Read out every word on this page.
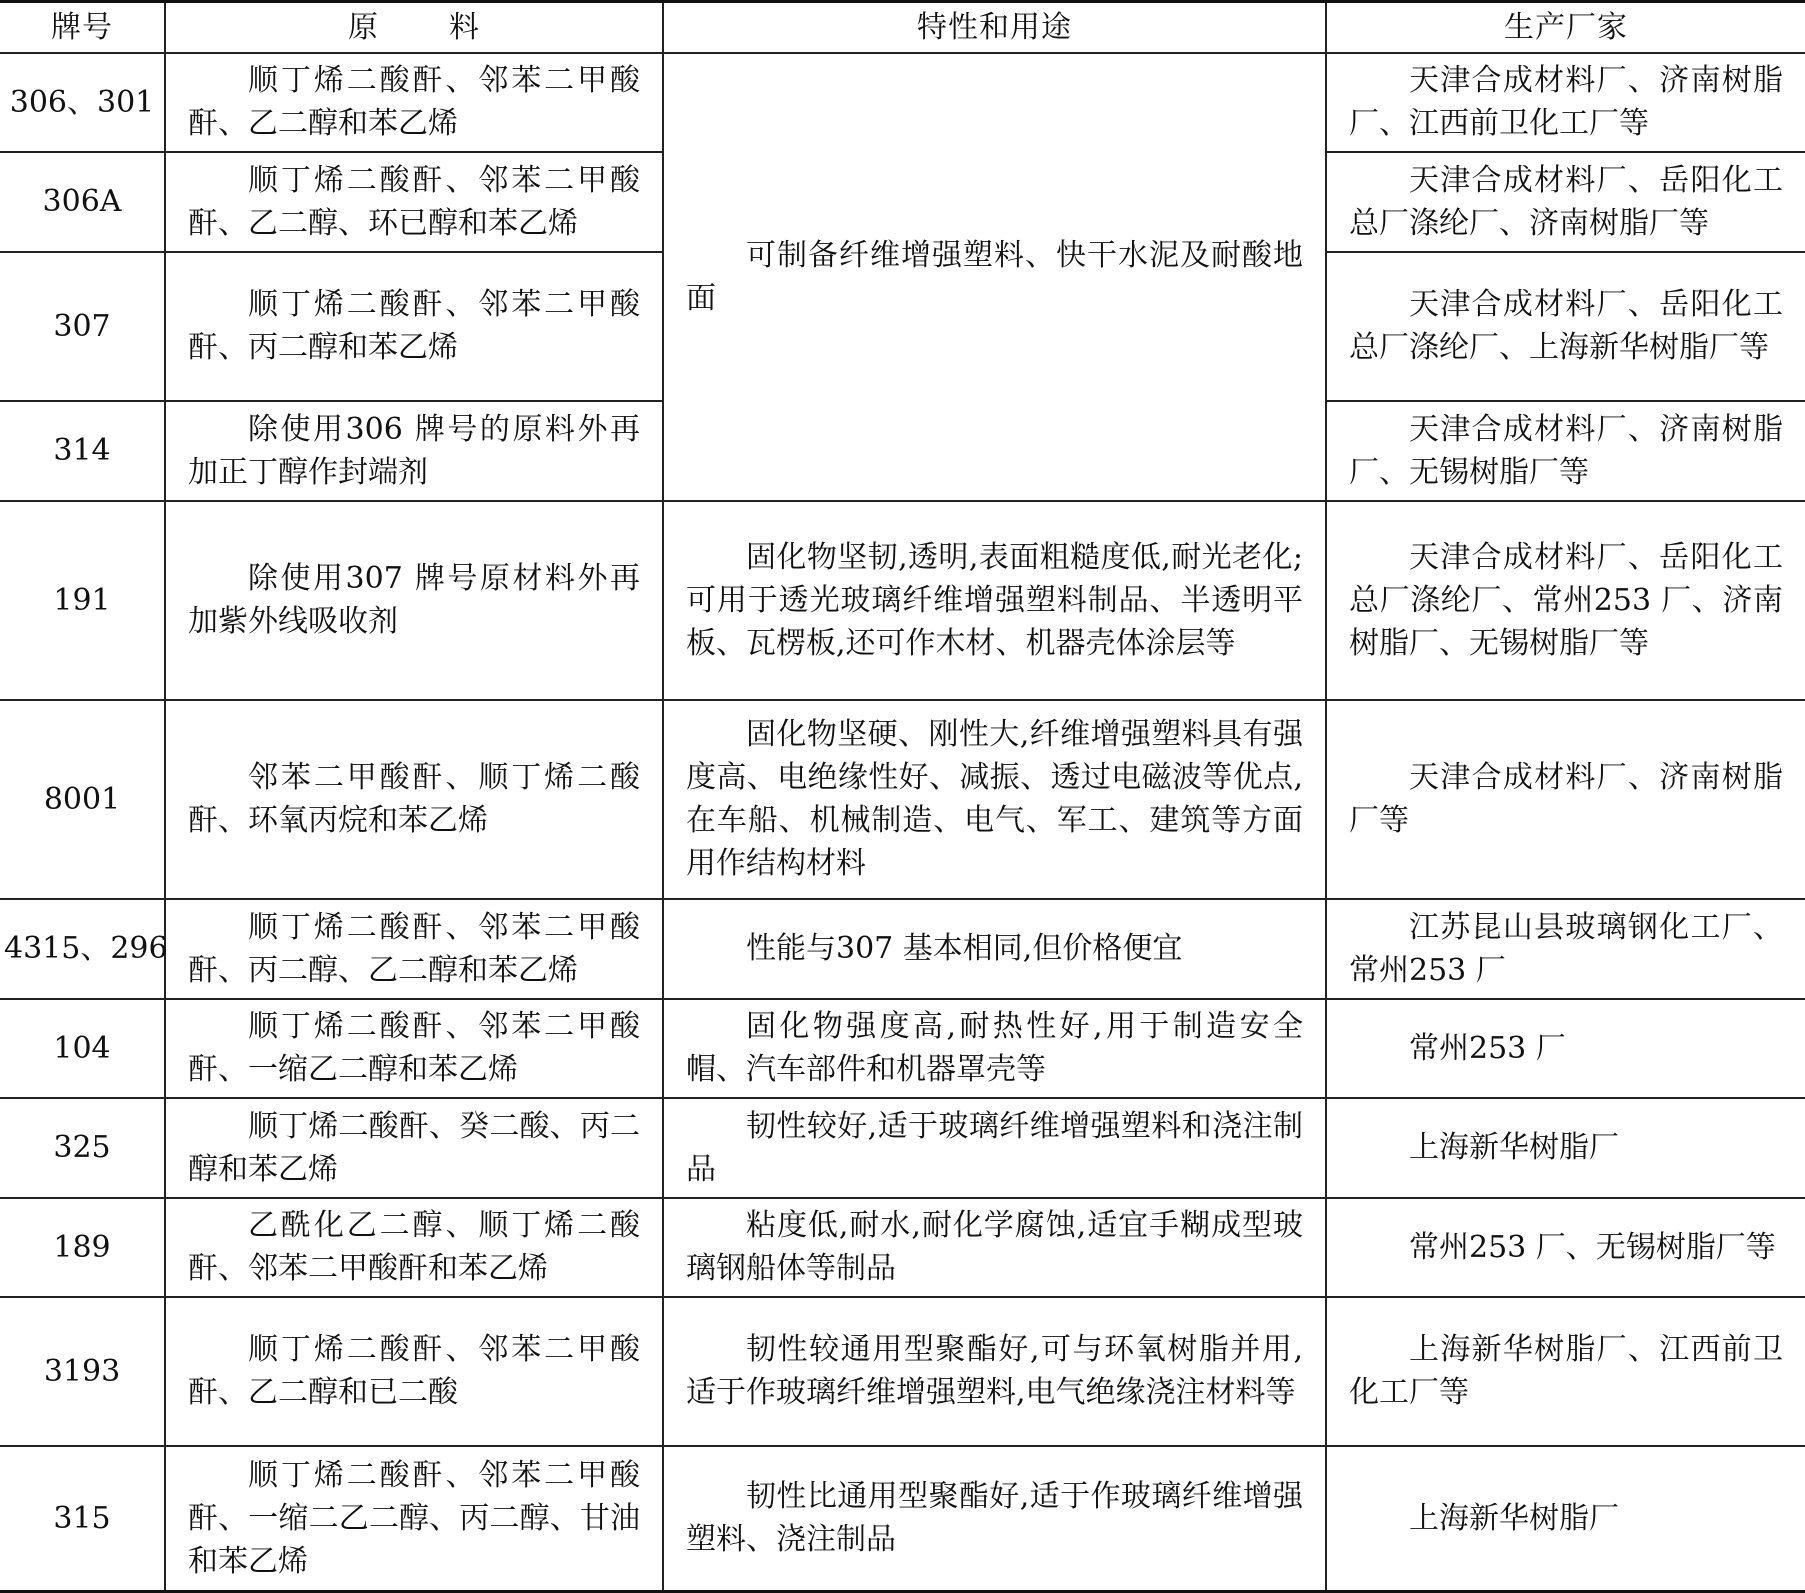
牌号	原 料	特性和用途	生产厂家
306、301	顺丁烯二酸酐、邻苯二甲酸酐、乙二醇和苯乙烯	可制备纤维增强塑料、快干水泥及耐酸地面	天津合成材料厂、济南树脂厂、江西前卫化工厂等
306A	顺丁烯二酸酐、邻苯二甲酸酐、乙二醇、环已醇和苯乙烯		天津合成材料厂、岳阳化工总厂涤纶厂、济南树脂厂等
307	顺丁烯二酸酐、邻苯二甲酸酐、丙二醇和苯乙烯		天津合成材料厂、岳阳化工总厂涤纶厂、上海新华树脂厂等
314	除使用306 牌号的原料外再加正丁醇作封端剂		天津合成材料厂、济南树脂厂、无锡树脂厂等
191	除使用307 牌号原材料外再加紫外线吸收剂	固化物坚韧,透明,表面粗糙度低,耐光老化;可用于透光玻璃纤维增强塑料制品、半透明平板、瓦楞板,还可作木材、机器壳体涂层等	天津合成材料厂、岳阳化工总厂涤纶厂、常州253 厂、济南树脂厂、无锡树脂厂等
8001	邻苯二甲酸酐、顺丁烯二酸酐、环氧丙烷和苯乙烯	固化物坚硬、刚性大,纤维增强塑料具有强度高、电绝缘性好、减振、透过电磁波等优点,在车船、机械制造、电气、军工、建筑等方面用作结构材料	天津合成材料厂、济南树脂厂等
4315、296	顺丁烯二酸酐、邻苯二甲酸酐、丙二醇、乙二醇和苯乙烯	性能与307 基本相同,但价格便宜	江苏昆山县玻璃钢化工厂、常州253 厂
104	顺丁烯二酸酐、邻苯二甲酸酐、一缩乙二醇和苯乙烯	固化物强度高,耐热性好,用于制造安全帽、汽车部件和机器罩壳等	常州253 厂
325	顺丁烯二酸酐、癸二酸、丙二醇和苯乙烯	韧性较好,适于玻璃纤维增强塑料和浇注制品	上海新华树脂厂
189	乙酰化乙二醇、顺丁烯二酸酐、邻苯二甲酸酐和苯乙烯	粘度低,耐水,耐化学腐蚀,适宜手糊成型玻璃钢船体等制品	常州253 厂、无锡树脂厂等
3193	顺丁烯二酸酐、邻苯二甲酸酐、乙二醇和已二酸	韧性较通用型聚酯好,可与环氧树脂并用,适于作玻璃纤维增强塑料,电气绝缘浇注材料等	上海新华树脂厂、江西前卫化工厂等
315	顺丁烯二酸酐、邻苯二甲酸酐、一缩二乙二醇、丙二醇、甘油和苯乙烯	韧性比通用型聚酯好,适于作玻璃纤维增强塑料、浇注制品	上海新华树脂厂
